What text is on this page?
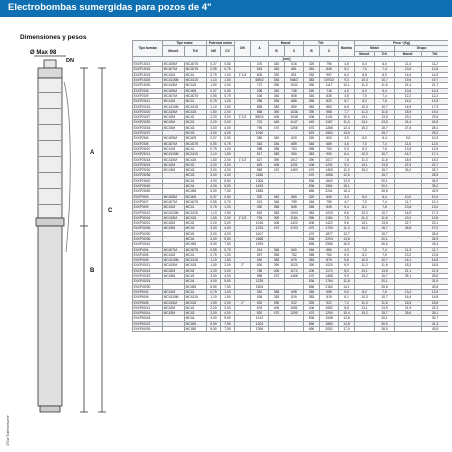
Electrobombas sumergidas para pozos de 4"
Dimensiones y pesos
Ø Max 98
DN
A
B
C
4"Dw Tullinonsume
Tipo bomba	Tipo motor		Potencia motor		DN	A	Monof.		Trif.		Bomba	Peso ~(Kg)			
	Monof.	Trif.	kW	CV			B	C	B	C		Motor		Grupo	
												Monof.	Trif.	Monof.	Trif.
					[mm]										
E4XP15/13	MC405M	MC4075	0,37	0,50		476	340	616	320	796	4,8	6,0	6,6	11,4	11,2
E4XP15/16	MC407M	MC4075	0,55	0,75		518	363	681	363	846	5,2	7,0	7,4	13,0	12,6
E4XP15/19	MC41M	MC41	0,75	1,00	1"1/4	605	392	801	392	997	6,0	8,6	8,9	14,6	14,9
E4XP15/26	MC4115M	MC4115	1,10	1,50		585/2	383	948/2	383	1070/2	9,3	10,3	10,7	19,6	19,7
E4XP15/30	MC415M	MC415	1,50	2,00		727	390	1032	390	1117	10,1	11,3	11,6	21,4	21,7
E4XP20/6	MC405M	MC405	0,37	0,50		298	340	738	320	716	4,0	6,0	6,4	10,6	10,4
E4XP20/9	MC407M	MC4075	0,55	0,75		406	346	808	346	836	4,8	7,0	7,4	12,2	12,2
E4XP20/11	MC41M	MC41	0,75	1,00		398	355	886	355	820	5,7	8,2	7,6	14,0	13,3
E4XP20/15	MC4115M	MC4115	1,10	1,50		555	383	850	383	883	6,6	10,3	10,7	16,9	17,3
E4XP20/20	MC415M	MC415	1,50	2,00		568	390	1036	390	968	7,7	11,3	11,6	18,9	19,4
E4XP20/27	MC42M	MC42	2,20	3,00	1"1/2	580/2	406	1048	406	1131	10,0	13,1	13,5	23,2	23,5
E4XP20/30	MC42M	MC42	2,20	3,00		702	445	1147	445	1187	11,3	13,1	13,5	24,4	24,8
E4XP20/34	MC43M	MC43	3,00	4,00		796	470	1266	470	1266	12,4	15,2	15,7	27,6	28,1
E4XP20/37		MC43	3,00	4,00		1040			523	1563	13,5		15,7		29,2
E4XP25/6	MC405M	MC405	0,37	0,50		280	340	620	320	600	3,9	6,0	6,4	9,9	10,3
E4XP25/8	MC407M	MC4075	0,55	0,75		343	346	689	346	689	4,6	7,0	7,4	11,6	12,0
E4XP25/10	MC41M	MC41	0,75	1,00		398	355	753	355	753	5,3	8,2	7,6	13,5	12,9
E4XP25/14	MC4115M	MC4115	1,10	1,50		517	383	900	383	900	6,4	10,3	10,7	16,7	17,1
E4XP25/18	MC415M	MC415	1,50	2,00	1"1/2	627	390	1017	390	1017	7,6	11,3	11,6	18,9	19,2
E4XP25/24	MC42M	MC42	2,20	3,00		825	406	1231	406	1231	9,2	13,1	13,5	22,3	22,7
E4XP25/30	MC43M	MC43	3,00	4,00		983	470	1453	470	1453	11,0	15,2	15,7	26,2	26,7
E4XP25/36		MC43	3,00	4,00		1186			470	1656	12,8		15,7		28,5
E4XP25/40		MC44	4,00	5,50		1306			536	1842	13,9		20,1		34,0
E4XP25/45		MC44	4,00	5,50		1425			536	1961	15,1		20,1		35,2
E4XP25/50		MC455	5,50	7,50		1585			656	2241	16,4		26,5		42,9
E4XP30/5	MC405M	MC405	0,37	0,50		320	340	660	320	640	4,0	6,0	6,4	10,0	10,4
E4XP30/7	MC407M	MC4075	0,55	0,75		413	346	759	346	759	4,7	7,0	7,4	11,7	12,1
E4XP30/9	MC41M	MC41	0,75	1,00		490	355	845	355	845	5,4	8,2	7,6	13,6	13,0
E4XP30/12	MC4115M	MC4115	1,10	1,50		620	383	1003	383	1003	6,6	10,3	10,7	16,9	17,3
E4XP30/16	MC415M	MC415	1,50	2,00	1"1/2	794	390	1184	390	1184	7,9	11,3	11,6	19,2	19,5
E4XP30/21	MC42M	MC42	2,20	3,00		1016	406	1422	406	1422	9,6	13,1	13,5	22,7	23,1
E4XP30/26	MC43M	MC43	3,00	4,00		1233	470	1703	470	1703	11,3	15,2	15,7	26,5	27,0
E4XP30/30		MC43	3,00	4,00		1407			470	1877	12,7		15,7		28,4
E4XP30/36		MC44	4,00	5,50		1668			536	2204	14,8		20,1		34,9
E4XP30/42		MC455	5,50	7,50		1929			656	2585	16,9		26,5		43,4
E4XP40/4	MC407M	MC4075	0,55	0,75		314	346	660	346	660	4,3	7,0	7,4	11,3	11,7
E4XP40/6	MC41M	MC41	0,75	1,00		397	355	752	355	752	5,0	8,2	7,6	13,2	12,6
E4XP40/8	MC4115M	MC4115	1,10	1,50		492	383	875	383	875	5,8	10,3	10,7	16,1	16,5
E4XP40/11	MC415M	MC415	1,50	2,00	2"	630	390	1020	390	1020	6,9	11,3	11,6	18,2	18,5
E4XP40/14	MC42M	MC42	2,20	3,00		768	406	1174	406	1174	8,0	13,1	13,5	21,1	21,5
E4XP40/19	MC43M	MC43	3,00	4,00		998	470	1468	470	1468	9,9	15,2	15,7	25,1	25,6
E4XP40/24		MC44	4,00	5,50		1228			536	1764	11,8		20,1		31,9
E4XP40/30		MC455	5,50	7,50		1504			656	2160	14,1		26,5		40,6
E4XP60/4	MC41M	MC41	0,75	1,00		340	355	695	355	695	5,0	8,2	7,6	13,2	12,6
E4XP60/6	MC4115M	MC4115	1,10	1,50		436	383	819	383	819	6,1	10,3	10,7	16,4	16,8
E4XP60/8	MC415M	MC415	1,50	2,00	2"	532	390	922	390	922	7,2	11,3	11,6	18,5	18,8
E4XP60/11	MC42M	MC42	2,20	3,00		676	406	1082	406	1082	8,8	13,1	13,5	21,9	22,3
E4XP60/14	MC43M	MC43	3,00	4,00		820	470	1290	470	1290	10,4	15,2	15,7	25,6	26,1
E4XP60/18		MC44	4,00	5,50		1012			536	1548	12,6		20,1		32,7
E4XP60/22		MC455	5,50	7,50		1204			656	1860	14,8		26,5		41,3
E4XP60/26		MC455	5,50	7,50		1396			656	2052	17,0		26,5		43,5
